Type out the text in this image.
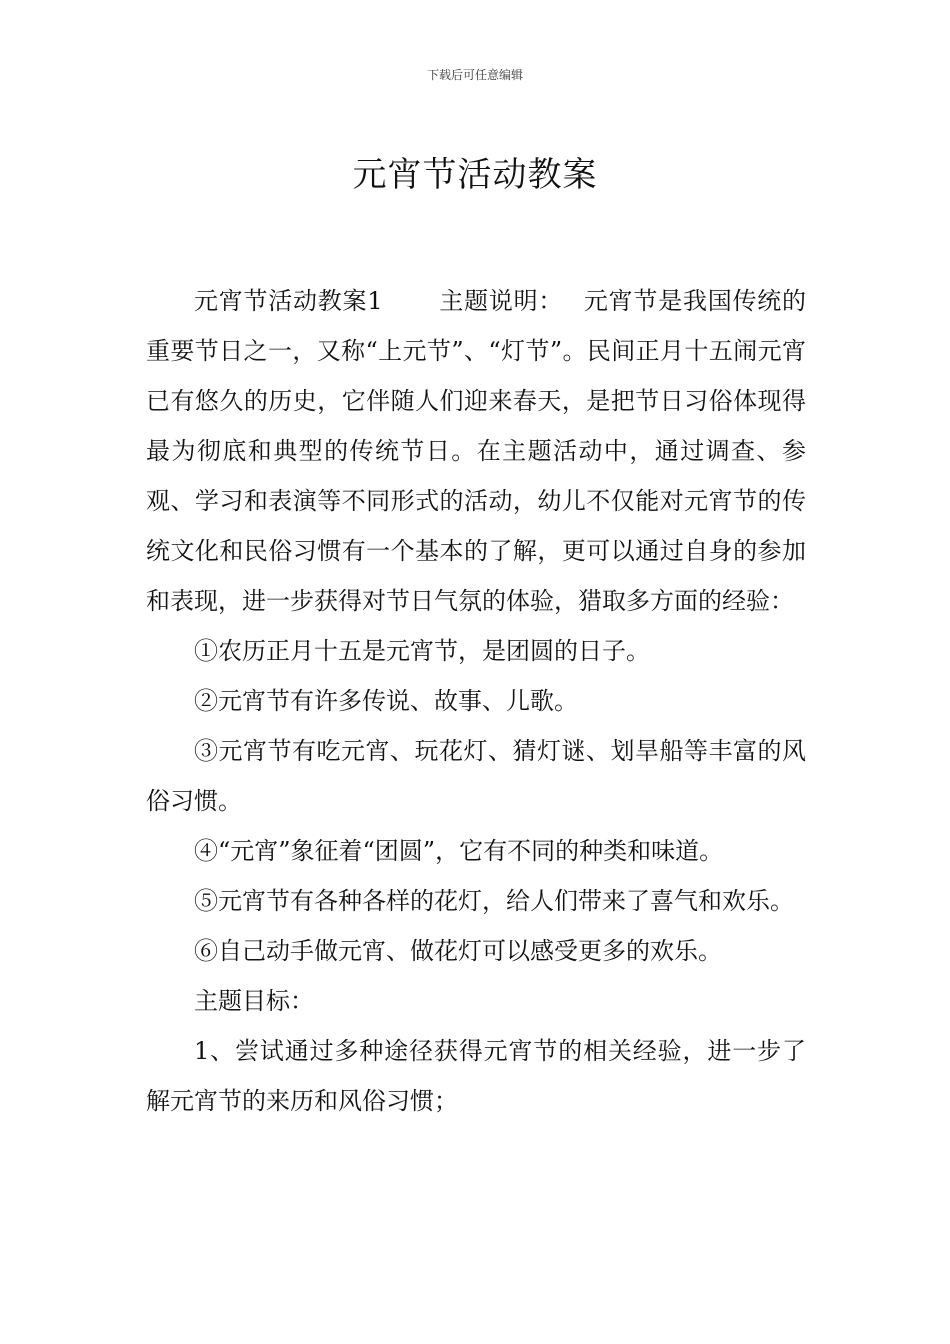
下载后可任意编辑
元宵节活动教案

元宵节活动教案1 主题说明： 元宵节是我国传统的重要节日之一，又称“上元节”、“灯节”。民间正月十五闹元宵已有悠久的历史，它伴随人们迎来春天，是把节日习俗体现得最为彻底和典型的传统节日。在主题活动中，通过调查、参观、学习和表演等不同形式的活动，幼儿不仅能对元宵节的传统文化和民俗习惯有一个基本的了解，更可以通过自身的参加和表现，进一步获得对节日气氛的体验，猎取多方面的经验：

①农历正月十五是元宵节，是团圆的日子。

②元宵节有许多传说、故事、儿歌。

③元宵节有吃元宵、玩花灯、猜灯谜、划旱船等丰富的风俗习惯。

④“元宵”象征着“团圆”，它有不同的种类和味道。

⑤元宵节有各种各样的花灯，给人们带来了喜气和欢乐。

⑥自己动手做元宵、做花灯可以感受更多的欢乐。

主题目标：

1、尝试通过多种途径获得元宵节的相关经验，进一步了解元宵节的来历和风俗习惯；
